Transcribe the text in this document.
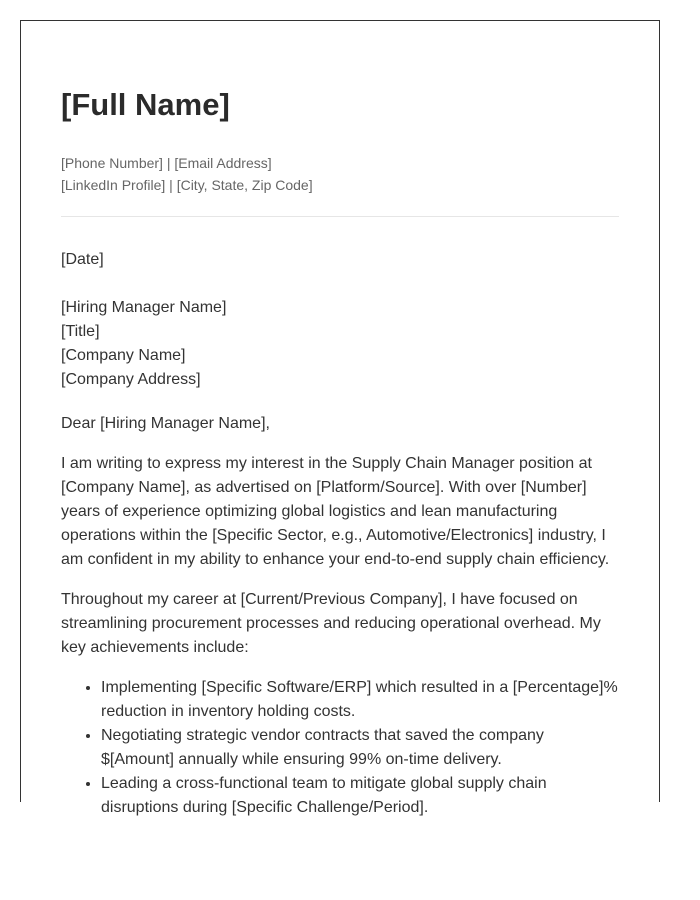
[Full Name]
[Phone Number] | [Email Address]
[LinkedIn Profile] | [City, State, Zip Code]
[Date]
[Hiring Manager Name]
[Title]
[Company Name]
[Company Address]
Dear [Hiring Manager Name],
I am writing to express my interest in the Supply Chain Manager position at [Company Name], as advertised on [Platform/Source]. With over [Number] years of experience optimizing global logistics and lean manufacturing operations within the [Specific Sector, e.g., Automotive/Electronics] industry, I am confident in my ability to enhance your end-to-end supply chain efficiency.
Throughout my career at [Current/Previous Company], I have focused on streamlining procurement processes and reducing operational overhead. My key achievements include:
• Implementing [Specific Software/ERP] which resulted in a [Percentage]% reduction in inventory holding costs.
• Negotiating strategic vendor contracts that saved the company $[Amount] annually while ensuring 99% on-time delivery.
• Leading a cross-functional team to mitigate global supply chain disruptions during [Specific Challenge/Period].
